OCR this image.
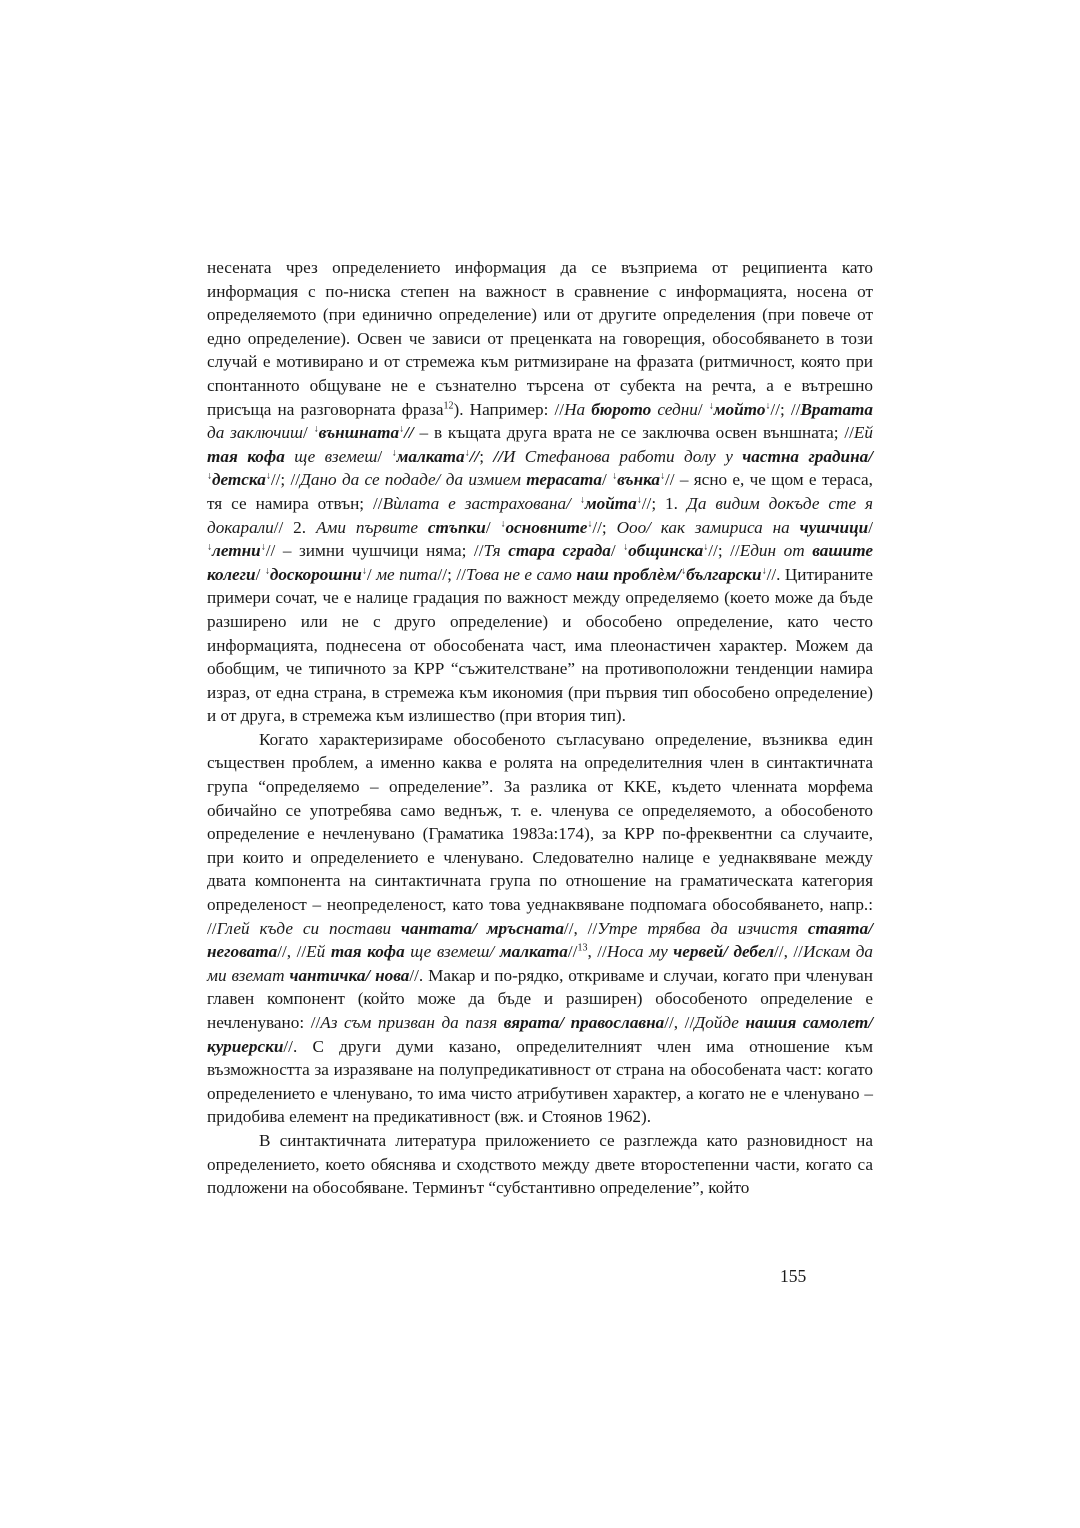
несената чрез определението информация да се възприема от реципиента като информация с по-ниска степен на важност в сравнение с информацията, носена от определяемото (при единично определение) или от другите определения (при повече от едно определение). Освен че зависи от преценката на говорещия, обособяването в този случай е мотивирано и от стремежа към ритмизиране на фразата (ритмичност, която при спонтанното общуване не е съзнателно търсена от субекта на речта, а е вътрешно присъща на разговорната фраза$^{12}$). Например: //На бюрото седни/ ↓мойто↓//; //Вратата да заключиш/ ↓външната↓// – в къщата друга врата не се заключва освен външната; //Ей тая кофа ще вземеш/ ↓малката↓//; //И Стефанова работи долу у частна градина/ ↓детска↓//; //Дано да се подаде/ да измием терасата/ ↓вънка↓// – ясно е, че щом е тераса, тя се намира отвън; //Вѝлата е застрахована/ ↓мойта↓//; 1. Да видим докъде сте я докарали// 2. Ами първите стъпки/ ↓основните↓//; Ооо/ как замириса на чушчици/ ↓летни↓// – зимни чушчици няма; //Тя стара сграда/ ↓общинска↓//; //Един от вашите колеги/ ↓доскорошни↓/ ме пита//; //Това не е само наш проблѐм/↓български↓//. Цитираните примери сочат, че е налице градация по важност между определяемо (което може да бъде разширено или не с друго определение) и обособено определение, като често информацията, поднесена от обособената част, има плеонастичен характер. Можем да обобщим, че типичното за КРР “съжителстване” на противоположни тенденции намира израз, от една страна, в стремежа към икономия (при първия тип обособено определение) и от друга, в стремежа към излишество (при втория тип).

Когато характеризираме обособеното съгласувано определение, възниква един съществен проблем, а именно каква е ролята на определителния член в синтактичната група “определяемо – определение”. За разлика от ККЕ, където членната морфема обичайно се употребява само веднъж, т. е. членува се определяемото, а обособеното определение е нечленувано (Граматика 1983а:174), за КРР по-фреквентни са случаите, при които и определението е членувано. Следователно налице е уеднаквяване между двата компонента на синтактичната група по отношение на граматическата категория определеност – неопределеност, като това уеднаквяване подпомага обособяването, напр.: //Глей къде си постави чантата/ мръсната//, //Утре трябва да изчистя стаята/ неговата//, //Ей тая кофа ще вземеш/ малката//$^{13}$, //Носа му червей/ дебел//, //Искам да ми вземат чантичка/ нова//. Макар и по-рядко, откриваме и случаи, когато при членуван главен компонент (който може да бъде и разширен) обособеното определение е нечленувано: //Аз съм призван да пазя вярата/ православна//, //Дойде нашия самолет/ куриерски//. С други думи казано, определителният член има отношение към възможността за изразяване на полупредикативност от страна на обособената част: когато определението е членувано, то има чисто атрибутивен характер, а когато не е членувано – придобива елемент на предикативност (вж. и Стоянов 1962).

В синтактичната литература приложението се разглежда като разновидност на определението, което обяснява и сходството между двете второстепенни части, когато са подложени на обособяване. Терминът “субстантивно определение”, който

155
